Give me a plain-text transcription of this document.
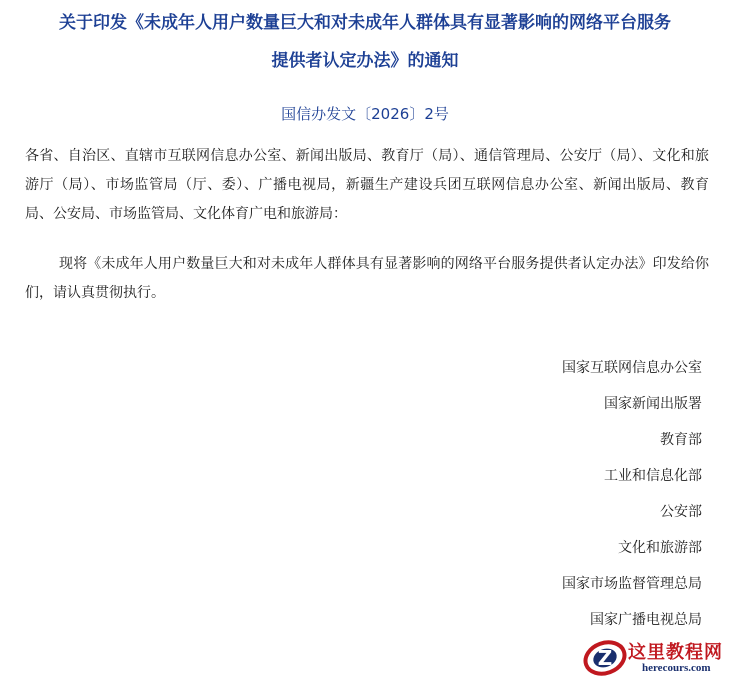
关于印发《未成年人用户数量巨大和对未成年人群体具有显著影响的网络平台服务
提供者认定办法》的通知

国信办发文〔2026〕2号

各省、自治区、直辖市互联网信息办公室、新闻出版局、教育厅（局）、通信管理局、公安厅（局）、文化和旅游厅（局）、市场监管局（厅、委）、广播电视局，新疆生产建设兵团互联网信息办公室、新闻出版局、教育局、公安局、市场监管局、文化体育广电和旅游局：

现将《未成年人用户数量巨大和对未成年人群体具有显著影响的网络平台服务提供者认定办法》印发给你们，请认真贯彻执行。

国家互联网信息办公室
国家新闻出版署
教育部
工业和信息化部
公安部
文化和旅游部
国家市场监督管理总局
国家广播电视总局
Z 这里教程网
herecours.com
